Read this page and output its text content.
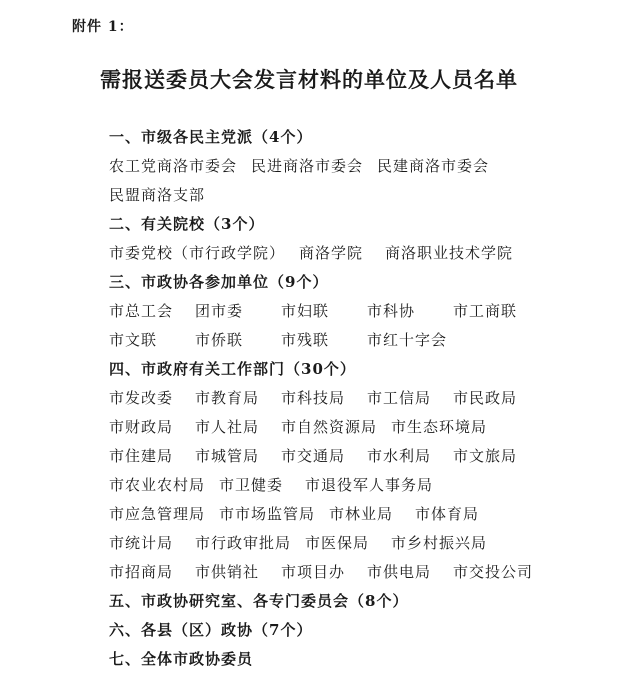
附件 1：
需报送委员大会发言材料的单位及人员名单
一、市级各民主党派（4个）
农工党商洛市委会 民进商洛市委会 民建商洛市委会
民盟商洛支部
二、有关院校（3个）
市委党校（市行政学院） 商洛学院 商洛职业技术学院
三、市政协各参加单位（9个）
市总工会 团市委	市妇联	市科协	市工商联
市文联	市侨联	市残联	市红十字会
四、市政府有关工作部门（30个）
市发改委 市教育局 市科技局 市工信局 市民政局
市财政局 市人社局 市自然资源局 市生态环境局
市住建局 市城管局 市交通局 市水利局 市文旅局
市农业农村局 市卫健委 市退役军人事务局
市应急管理局 市市场监管局 市林业局 市体育局
市统计局 市行政审批局 市医保局 市乡村振兴局
市招商局 市供销社 市项目办 市供电局 市交投公司
五、市政协研究室、各专门委员会（8个）
六、各县（区）政协（7个）
七、全体市政协委员
